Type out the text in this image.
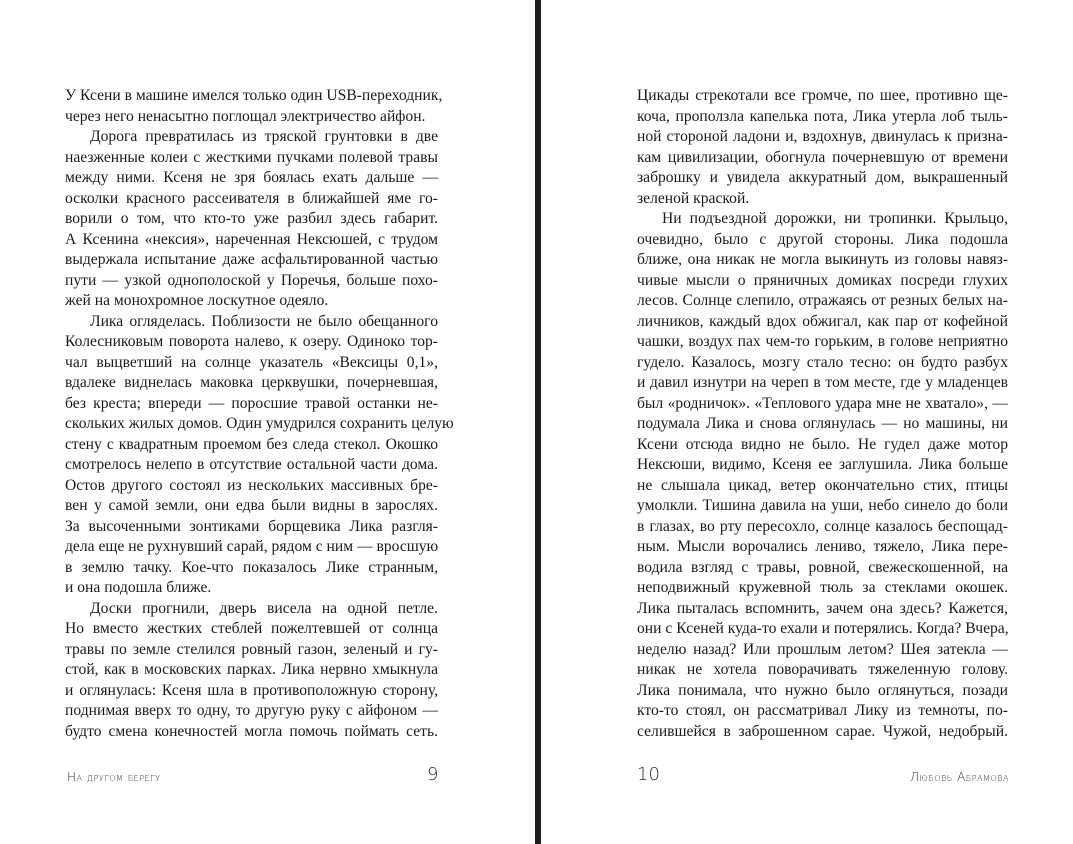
У Ксени в машине имелся только один USB-переходник,
через него ненасытно поглощал электричество айфон.
Дорога превратилась из тряской грунтовки в две
наезженные колеи с жесткими пучками полевой травы
между ними. Ксеня не зря боялась ехать дальше —
осколки красного рассеивателя в ближайшей яме го-
ворили о том, что кто-то уже разбил здесь габарит.
А Ксенина «нексия», нареченная Нексюшей, с трудом
выдержала испытание даже асфальтированной частью
пути — узкой однополоской у Поречья, больше похо-
жей на монохромное лоскутное одеяло.
Лика огляделась. Поблизости не было обещанного
Колесниковым поворота налево, к озеру. Одиноко тор-
чал выцветший на солнце указатель «Вексицы 0,1»,
вдалеке виднелась маковка церквушки, почерневшая,
без креста; впереди — поросшие травой останки не-
скольких жилых домов. Один умудрился сохранить целую
стену с квадратным проемом без следа стекол. Окошко
смотрелось нелепо в отсутствие остальной части дома.
Остов другого состоял из нескольких массивных бре-
вен у самой земли, они едва были видны в зарослях.
За высоченными зонтиками борщевика Лика разгля-
дела еще не рухнувший сарай, рядом с ним — вросшую
в землю тачку. Кое-что показалось Лике странным,
и она подошла ближе.
Доски прогнили, дверь висела на одной петле.
Но вместо жестких стеблей пожелтевшей от солнца
травы по земле стелился ровный газон, зеленый и гу-
стой, как в московских парках. Лика нервно хмыкнула
и оглянулась: Ксеня шла в противоположную сторону,
поднимая вверх то одну, то другую руку с айфоном —
будто смена конечностей могла помочь поймать сеть.
На другом берегу	9
Цикады стрекотали все громче, по шее, противно ще-
коча, проползла капелька пота, Лика утерла лоб тыль-
ной стороной ладони и, вздохнув, двинулась к призна-
кам цивилизации, обогнула почерневшую от времени
заброшку и увидела аккуратный дом, выкрашенный
зеленой краской.
Ни подъездной дорожки, ни тропинки. Крыльцо,
очевидно, было с другой стороны. Лика подошла
ближе, она никак не могла выкинуть из головы навяз-
чивые мысли о пряничных домиках посреди глухих
лесов. Солнце слепило, отражаясь от резных белых на-
личников, каждый вдох обжигал, как пар от кофейной
чашки, воздух пах чем-то горьким, в голове неприятно
гудело. Казалось, мозгу стало тесно: он будто разбух
и давил изнутри на череп в том месте, где у младенцев
был «родничок». «Теплового удара мне не хватало», —
подумала Лика и снова оглянулась — но машины, ни
Ксени отсюда видно не было. Не гудел даже мотор
Нексюши, видимо, Ксеня ее заглушила. Лика больше
не слышала цикад, ветер окончательно стих, птицы
умолкли. Тишина давила на уши, небо синело до боли
в глазах, во рту пересохло, солнце казалось беспощад-
ным. Мысли ворочались лениво, тяжело, Лика пере-
водила взгляд с травы, ровной, свежескошенной, на
неподвижный кружевной тюль за стеклами окошек.
Лика пыталась вспомнить, зачем она здесь? Кажется,
они с Ксеней куда-то ехали и потерялись. Когда? Вчера,
неделю назад? Или прошлым летом? Шея затекла —
никак не хотела поворачивать тяжеленную голову.
Лика понимала, что нужно было оглянуться, позади
кто-то стоял, он рассматривал Лику из темноты, по-
селившейся в заброшенном сарае. Чужой, недобрый.
10	Любовь Абрамова
